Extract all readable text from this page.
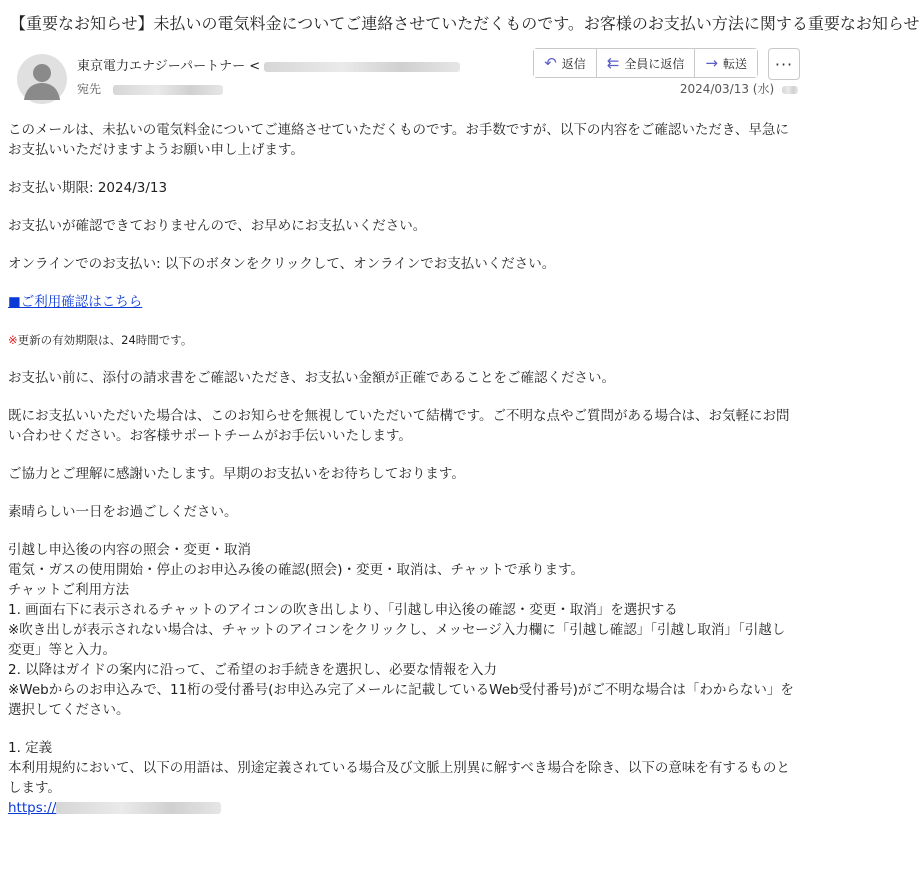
【重要なお知らせ】未払いの電気料金についてご連絡させていただくものです。お客様のお支払い方法に関する重要なお知らせ
東京電力エナジーパートナー <
宛先
↶ 返信 ⇇ 全員に返信 → 転送 ···
2024/03/13 (水)

このメールは、未払いの電気料金についてご連絡させていただくものです。お手数ですが、以下の内容をご確認いただき、早急にお支払いいただけますようお願い申し上げます。

お支払い期限: 2024/3/13

お支払いが確認できておりませんので、お早めにお支払いください。

オンラインでのお支払い: 以下のボタンをクリックして、オンラインでお支払いください。

■ご利用確認はこちら

※更新の有効期限は、24時間です。

お支払い前に、添付の請求書をご確認いただき、お支払い金額が正確であることをご確認ください。

既にお支払いいただいた場合は、このお知らせを無視していただいて結構です。ご不明な点やご質問がある場合は、お気軽にお問い合わせください。お客様サポートチームがお手伝いいたします。

ご協力とご理解に感謝いたします。早期のお支払いをお待ちしております。

素晴らしい一日をお過ごしください。

引越し申込後の内容の照会・変更・取消

電気・ガスの使用開始・停止のお申込み後の確認(照会)・変更・取消は、チャットで承ります。

チャットご利用方法

1. 画面右下に表示されるチャットのアイコンの吹き出しより、「引越し申込後の確認・変更・取消」を選択する

※吹き出しが表示されない場合は、チャットのアイコンをクリックし、メッセージ入力欄に「引越し確認」「引越し取消」「引越し変更」等と入力。

2. 以降はガイドの案内に沿って、ご希望のお手続きを選択し、必要な情報を入力

※Webからのお申込みで、11桁の受付番号(お申込み完了メールに記載しているWeb受付番号)がご不明な場合は「わからない」を選択してください。

1. 定義

本利用規約において、以下の用語は、別途定義されている場合及び文脈上別異に解すべき場合を除き、以下の意味を有するものとします。

https://
